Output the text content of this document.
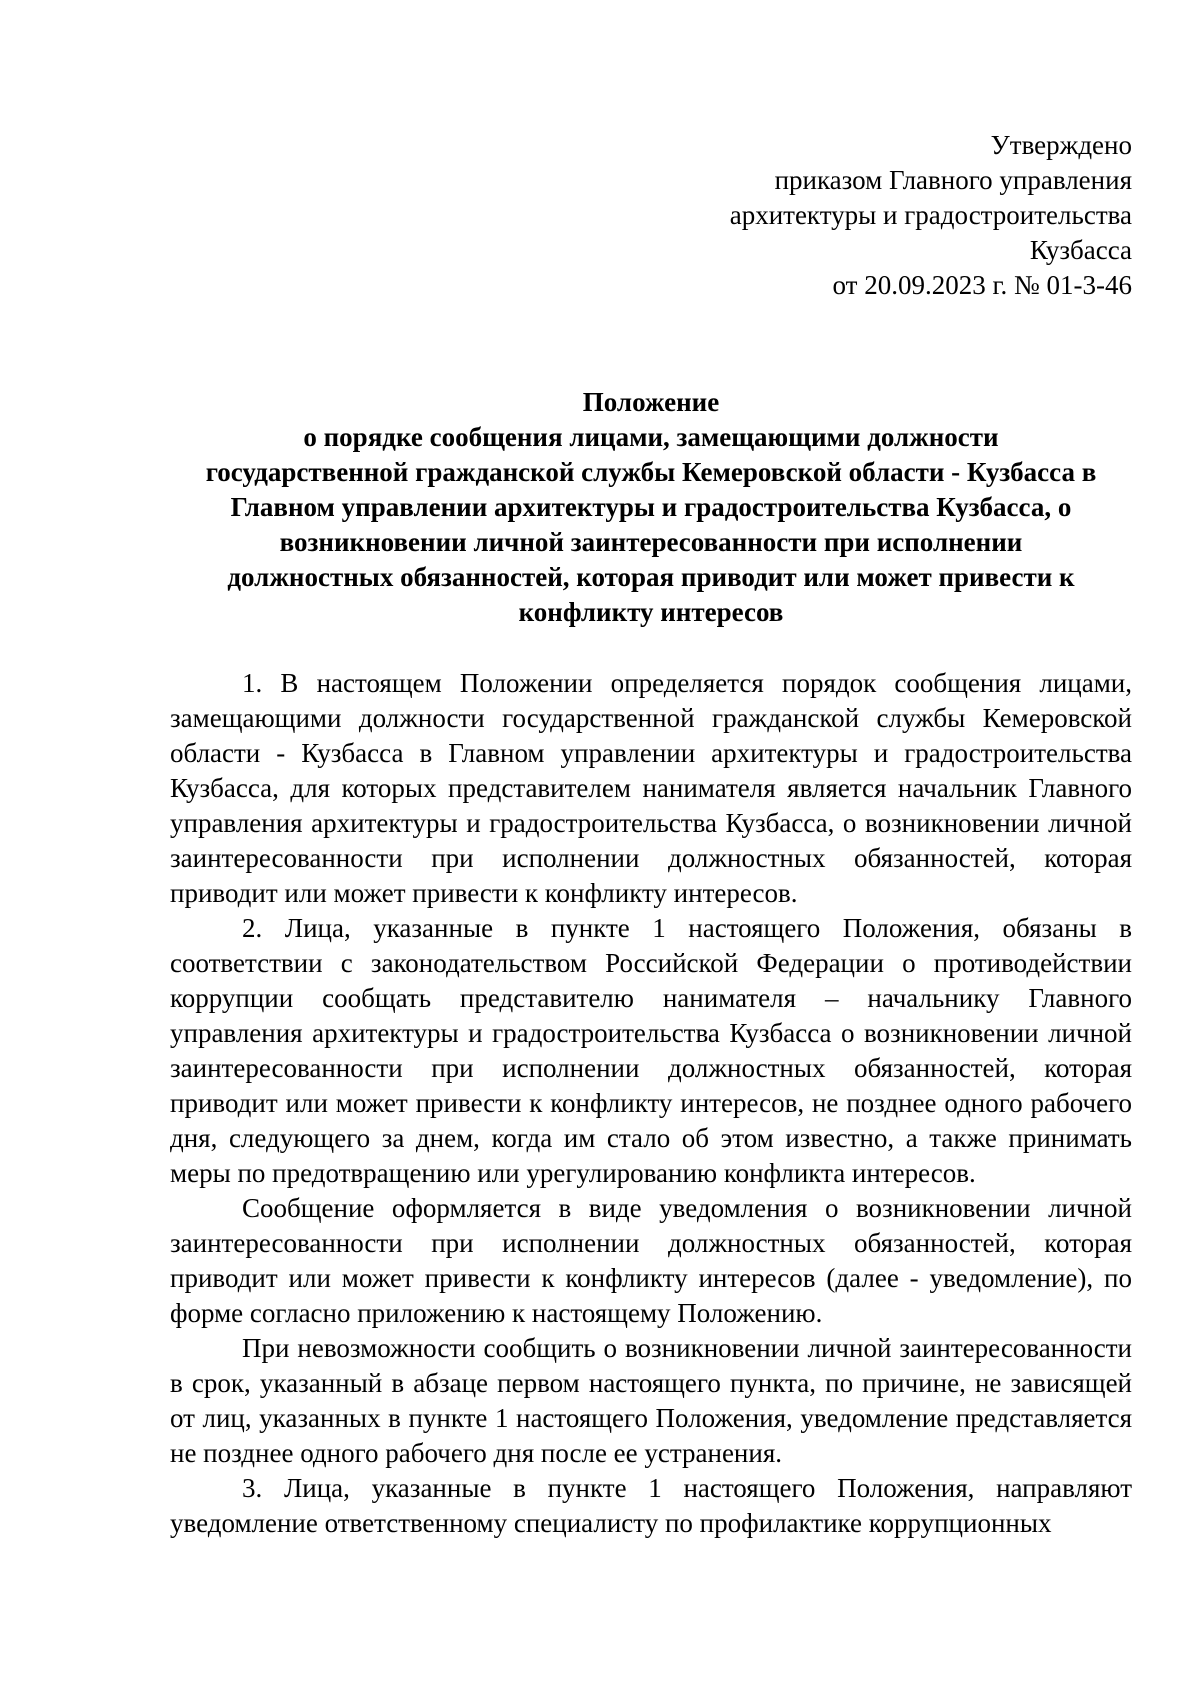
Утверждено
приказом Главного управления
архитектуры и градостроительства
Кузбасса
от 20.09.2023 г. № 01-3-46
Положение
о порядке сообщения лицами, замещающими должности
государственной гражданской службы Кемеровской области - Кузбасса в
Главном управлении архитектуры и градостроительства Кузбасса, о
возникновении личной заинтересованности при исполнении
должностных обязанностей, которая приводит или может привести к
конфликту интересов

1. В настоящем Положении определяется порядок сообщения лицами, замещающими должности государственной гражданской службы Кемеровской области - Кузбасса в Главном управлении архитектуры и градостроительства Кузбасса, для которых представителем нанимателя является начальник Главного управления архитектуры и градостроительства Кузбасса, о возникновении личной заинтересованности при исполнении должностных обязанностей, которая приводит или может привести к конфликту интересов.

2. Лица, указанные в пункте 1 настоящего Положения, обязаны в соответствии с законодательством Российской Федерации о противодействии коррупции сообщать представителю нанимателя – начальнику Главного управления архитектуры и градостроительства Кузбасса о возникновении личной заинтересованности при исполнении должностных обязанностей, которая приводит или может привести к конфликту интересов, не позднее одного рабочего дня, следующего за днем, когда им стало об этом известно, а также принимать меры по предотвращению или урегулированию конфликта интересов.

Сообщение оформляется в виде уведомления о возникновении личной заинтересованности при исполнении должностных обязанностей, которая приводит или может привести к конфликту интересов (далее - уведомление), по форме согласно приложению к настоящему Положению.

При невозможности сообщить о возникновении личной заинтересованности в срок, указанный в абзаце первом настоящего пункта, по причине, не зависящей от лиц, указанных в пункте 1 настоящего Положения, уведомление представляется не позднее одного рабочего дня после ее устранения.

3. Лица, указанные в пункте 1 настоящего Положения, направляют уведомление ответственному специалисту по профилактике коррупционных
